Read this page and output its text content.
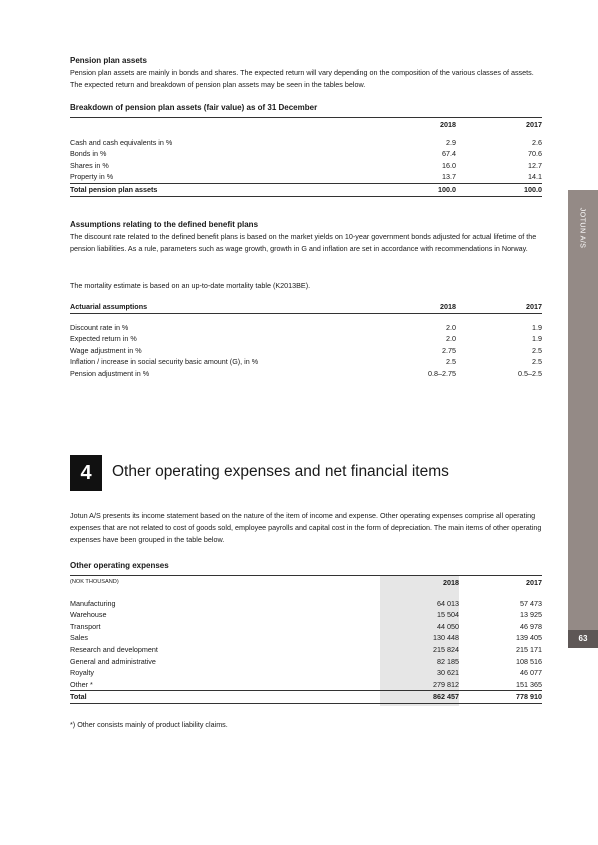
Pension plan assets
Pension plan assets are mainly in bonds and shares. The expected return will vary depending on the composition of the various classes of assets. The expected return and breakdown of pension plan assets may be seen in the tables below.
Breakdown of pension plan assets (fair value) as of 31 December
	2018	2017

Cash and cash equivalents in %	2.9	2.6
Bonds in %	67.4	70.6
Shares in %	16.0	12.7
Property in %	13.7	14.1
Total pension plan assets	100.0	100.0
Assumptions relating to the defined benefit plans
The discount rate related to the defined benefit plans is based on the market yields on 10-year government bonds adjusted for actual lifetime of the pension liabilities. As a rule, parameters such as wage growth, growth in G and inflation are set in accordance with recommendations in Norway.
The mortality estimate is based on an up-to-date mortality table (K2013BE).
Actuarial assumptions	2018	2017

Discount rate in %	2.0	1.9
Expected return in %	2.0	1.9
Wage adjustment in %	2.75	2.5
Inflation / increase in social security basic amount (G), in %	2.5	2.5
Pension adjustment in %	0.8–2.75	0.5–2.5
4	Other operating expenses and net financial items
Jotun A/S presents its income statement based on the nature of the item of income and expense. Other operating expenses comprise all operating expenses that are not related to cost of goods sold, employee payrolls and capital cost in the form of depreciation. The main items of other operating expenses have been grouped in the table below.
Other operating expenses
(NOK THOUSAND)	2018	2017

Manufacturing	64 013	57 473
Warehouse	15 504	13 925
Transport	44 050	46 978
Sales	130 448	139 405
Research and development	215 824	215 171
General and administrative	82 185	108 516
Royalty	30 621	46 077
Other *	279 812	151 365
Total	862 457	778 910
*) Other consists mainly of product liability claims.
JOTUN A/S
63
